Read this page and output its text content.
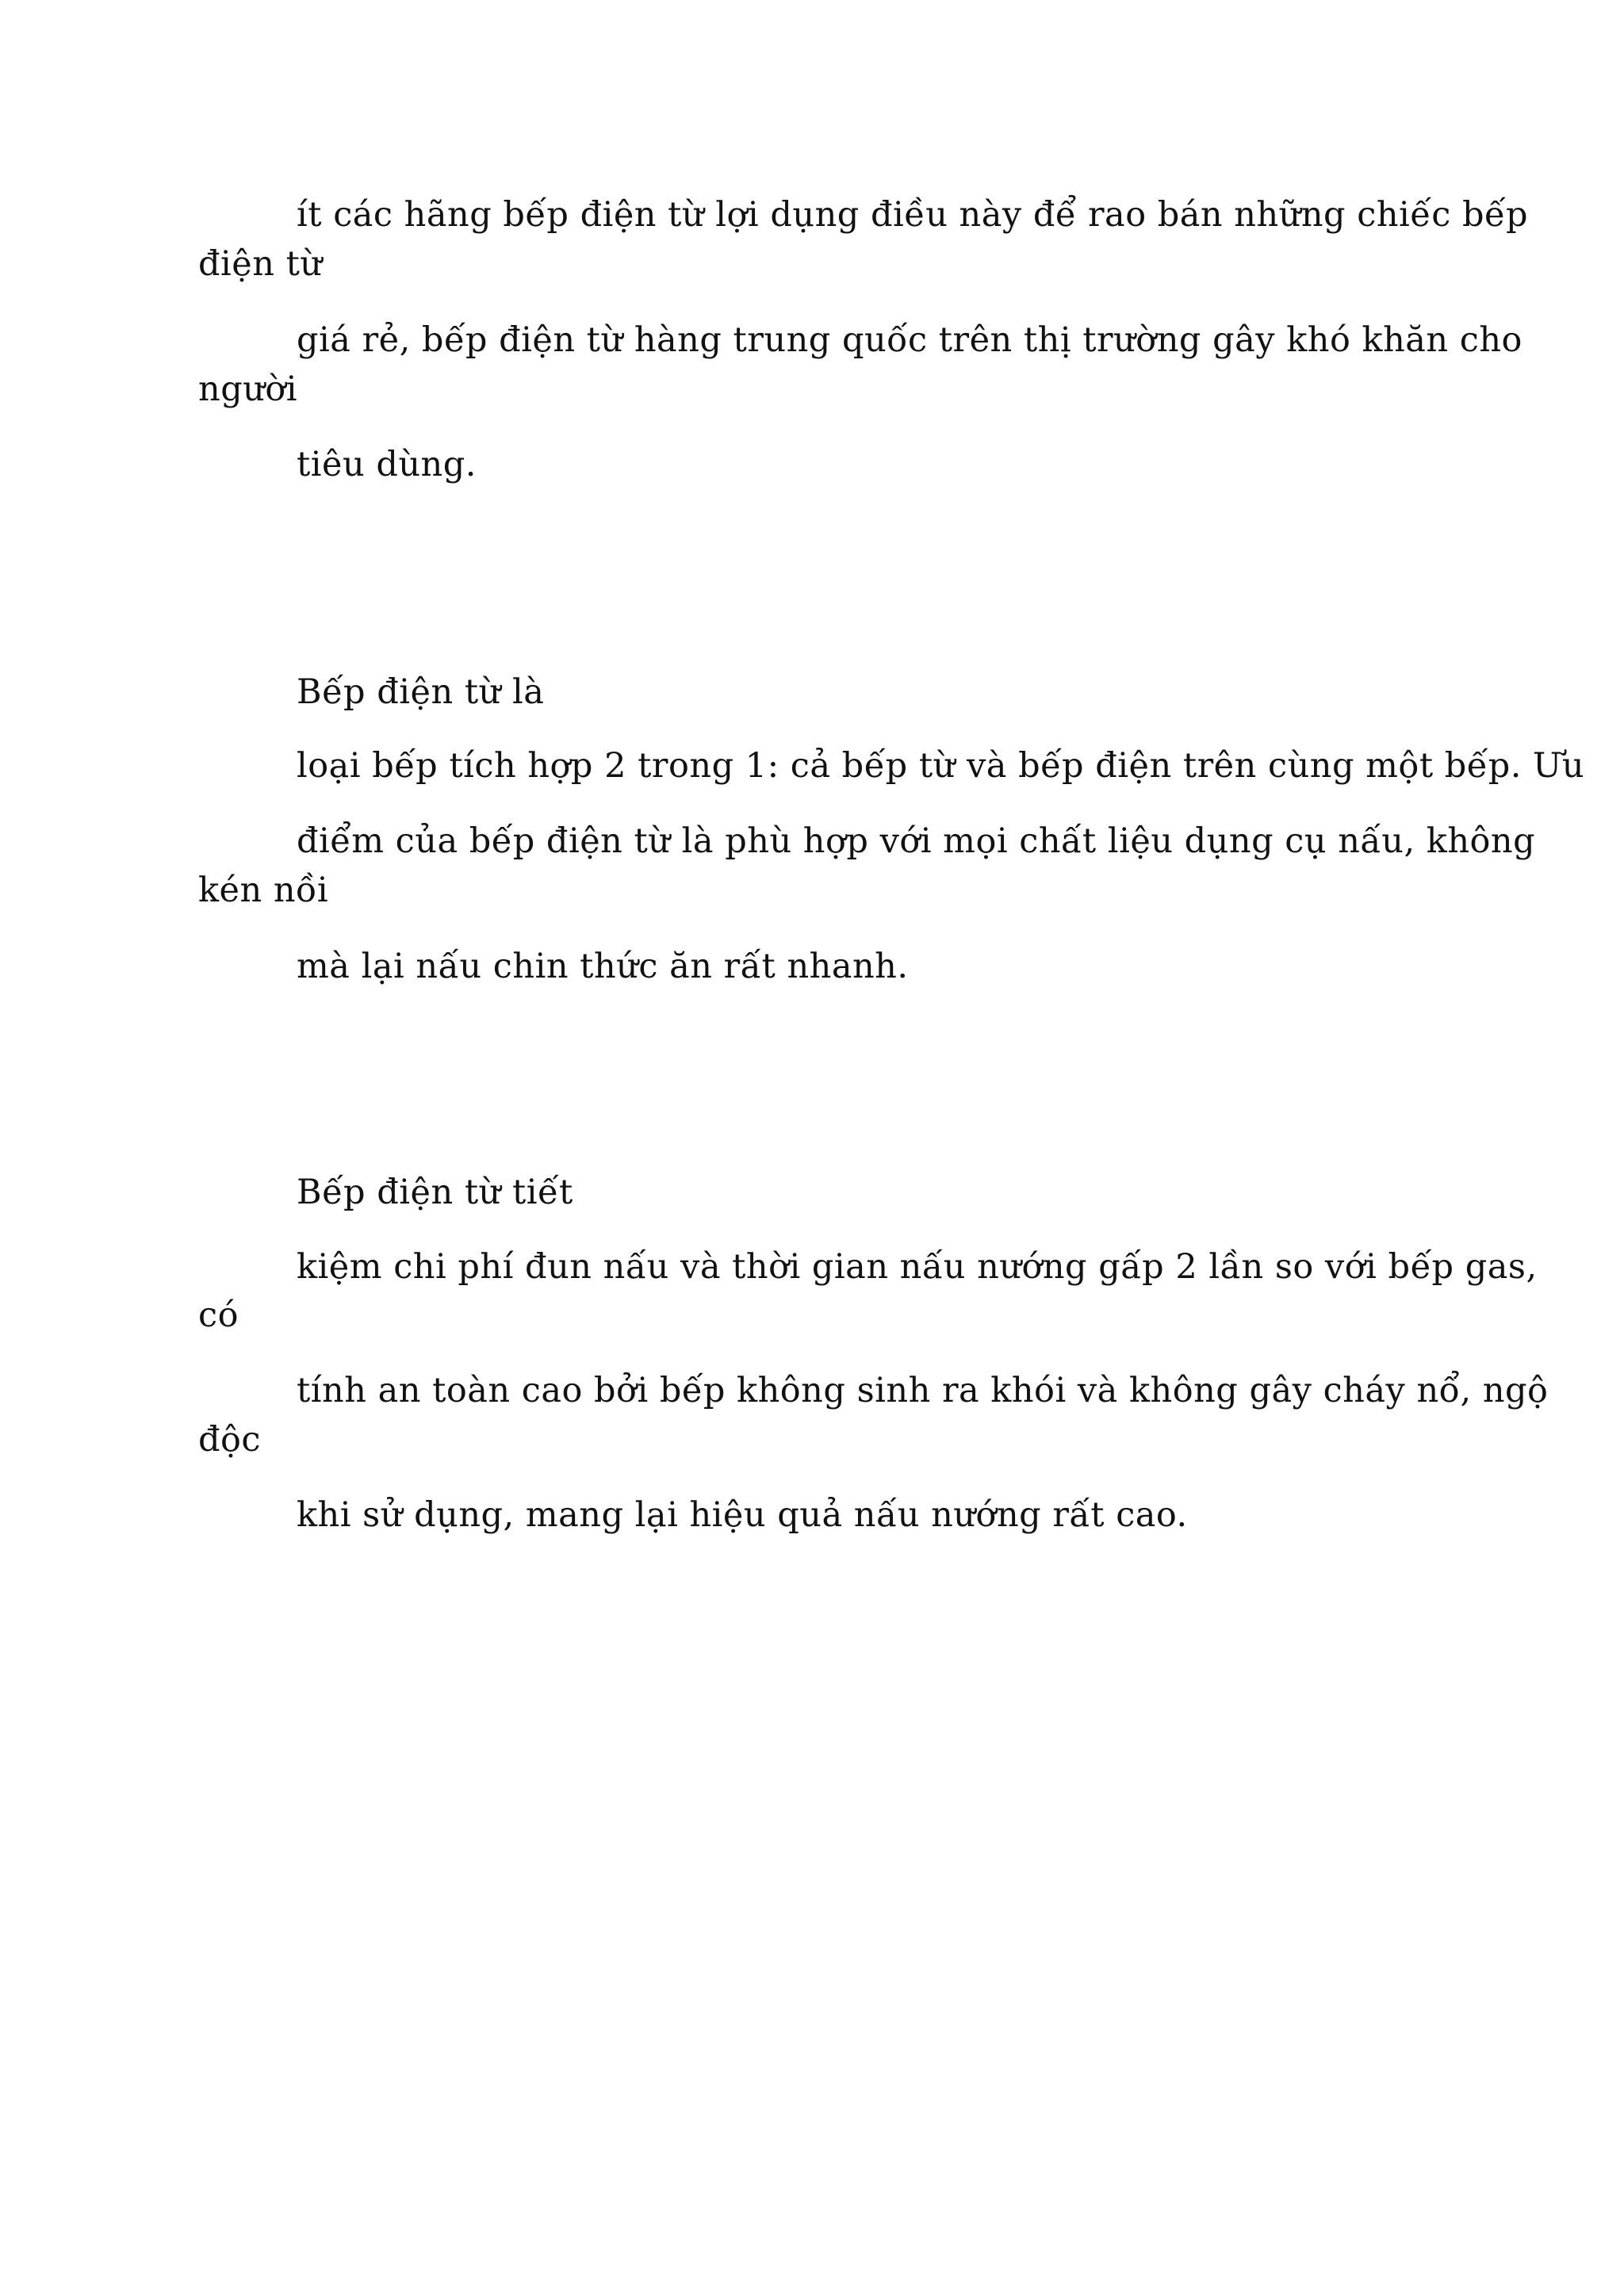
ít các hãng bếp điện từ lợi dụng điều này để rao bán những chiếc bếp
điện từ
giá rẻ, bếp điện từ hàng trung quốc trên thị trường gây khó khăn cho
người
tiêu dùng.
Bếp điện từ là
loại bếp tích hợp 2 trong 1: cả bếp từ và bếp điện trên cùng một bếp. Ưu
điểm của bếp điện từ là phù hợp với mọi chất liệu dụng cụ nấu, không
kén nồi
mà lại nấu chin thức ăn rất nhanh.
Bếp điện từ tiết
kiệm chi phí đun nấu và thời gian nấu nướng gấp 2 lần so với bếp gas,
có
tính an toàn cao bởi bếp không sinh ra khói và không gây cháy nổ, ngộ
độc
khi sử dụng, mang lại hiệu quả nấu nướng rất cao.
